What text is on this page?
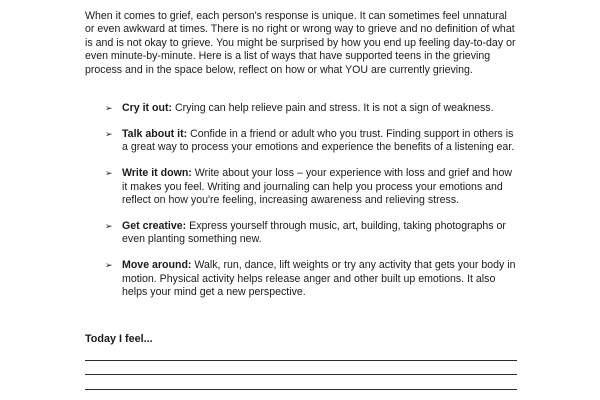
When it comes to grief, each person's response is unique. It can sometimes feel unnatural or even awkward at times. There is no right or wrong way to grieve and no definition of what is and is not okay to grieve. You might be surprised by how you end up feeling day-to-day or even minute-by-minute. Here is a list of ways that have supported teens in the grieving process and in the space below, reflect on how or what YOU are currently grieving.

➢ Cry it out: Crying can help relieve pain and stress. It is not a sign of weakness.
➢ Talk about it: Confide in a friend or adult who you trust. Finding support in others is a great way to process your emotions and experience the benefits of a listening ear.
➢ Write it down: Write about your loss – your experience with loss and grief and how it makes you feel. Writing and journaling can help you process your emotions and reflect on how you're feeling, increasing awareness and relieving stress.
➢ Get creative: Express yourself through music, art, building, taking photographs or even planting something new.
➢ Move around: Walk, run, dance, lift weights or try any activity that gets your body in motion. Physical activity helps release anger and other built up emotions. It also helps your mind get a new perspective.

Today I feel...
